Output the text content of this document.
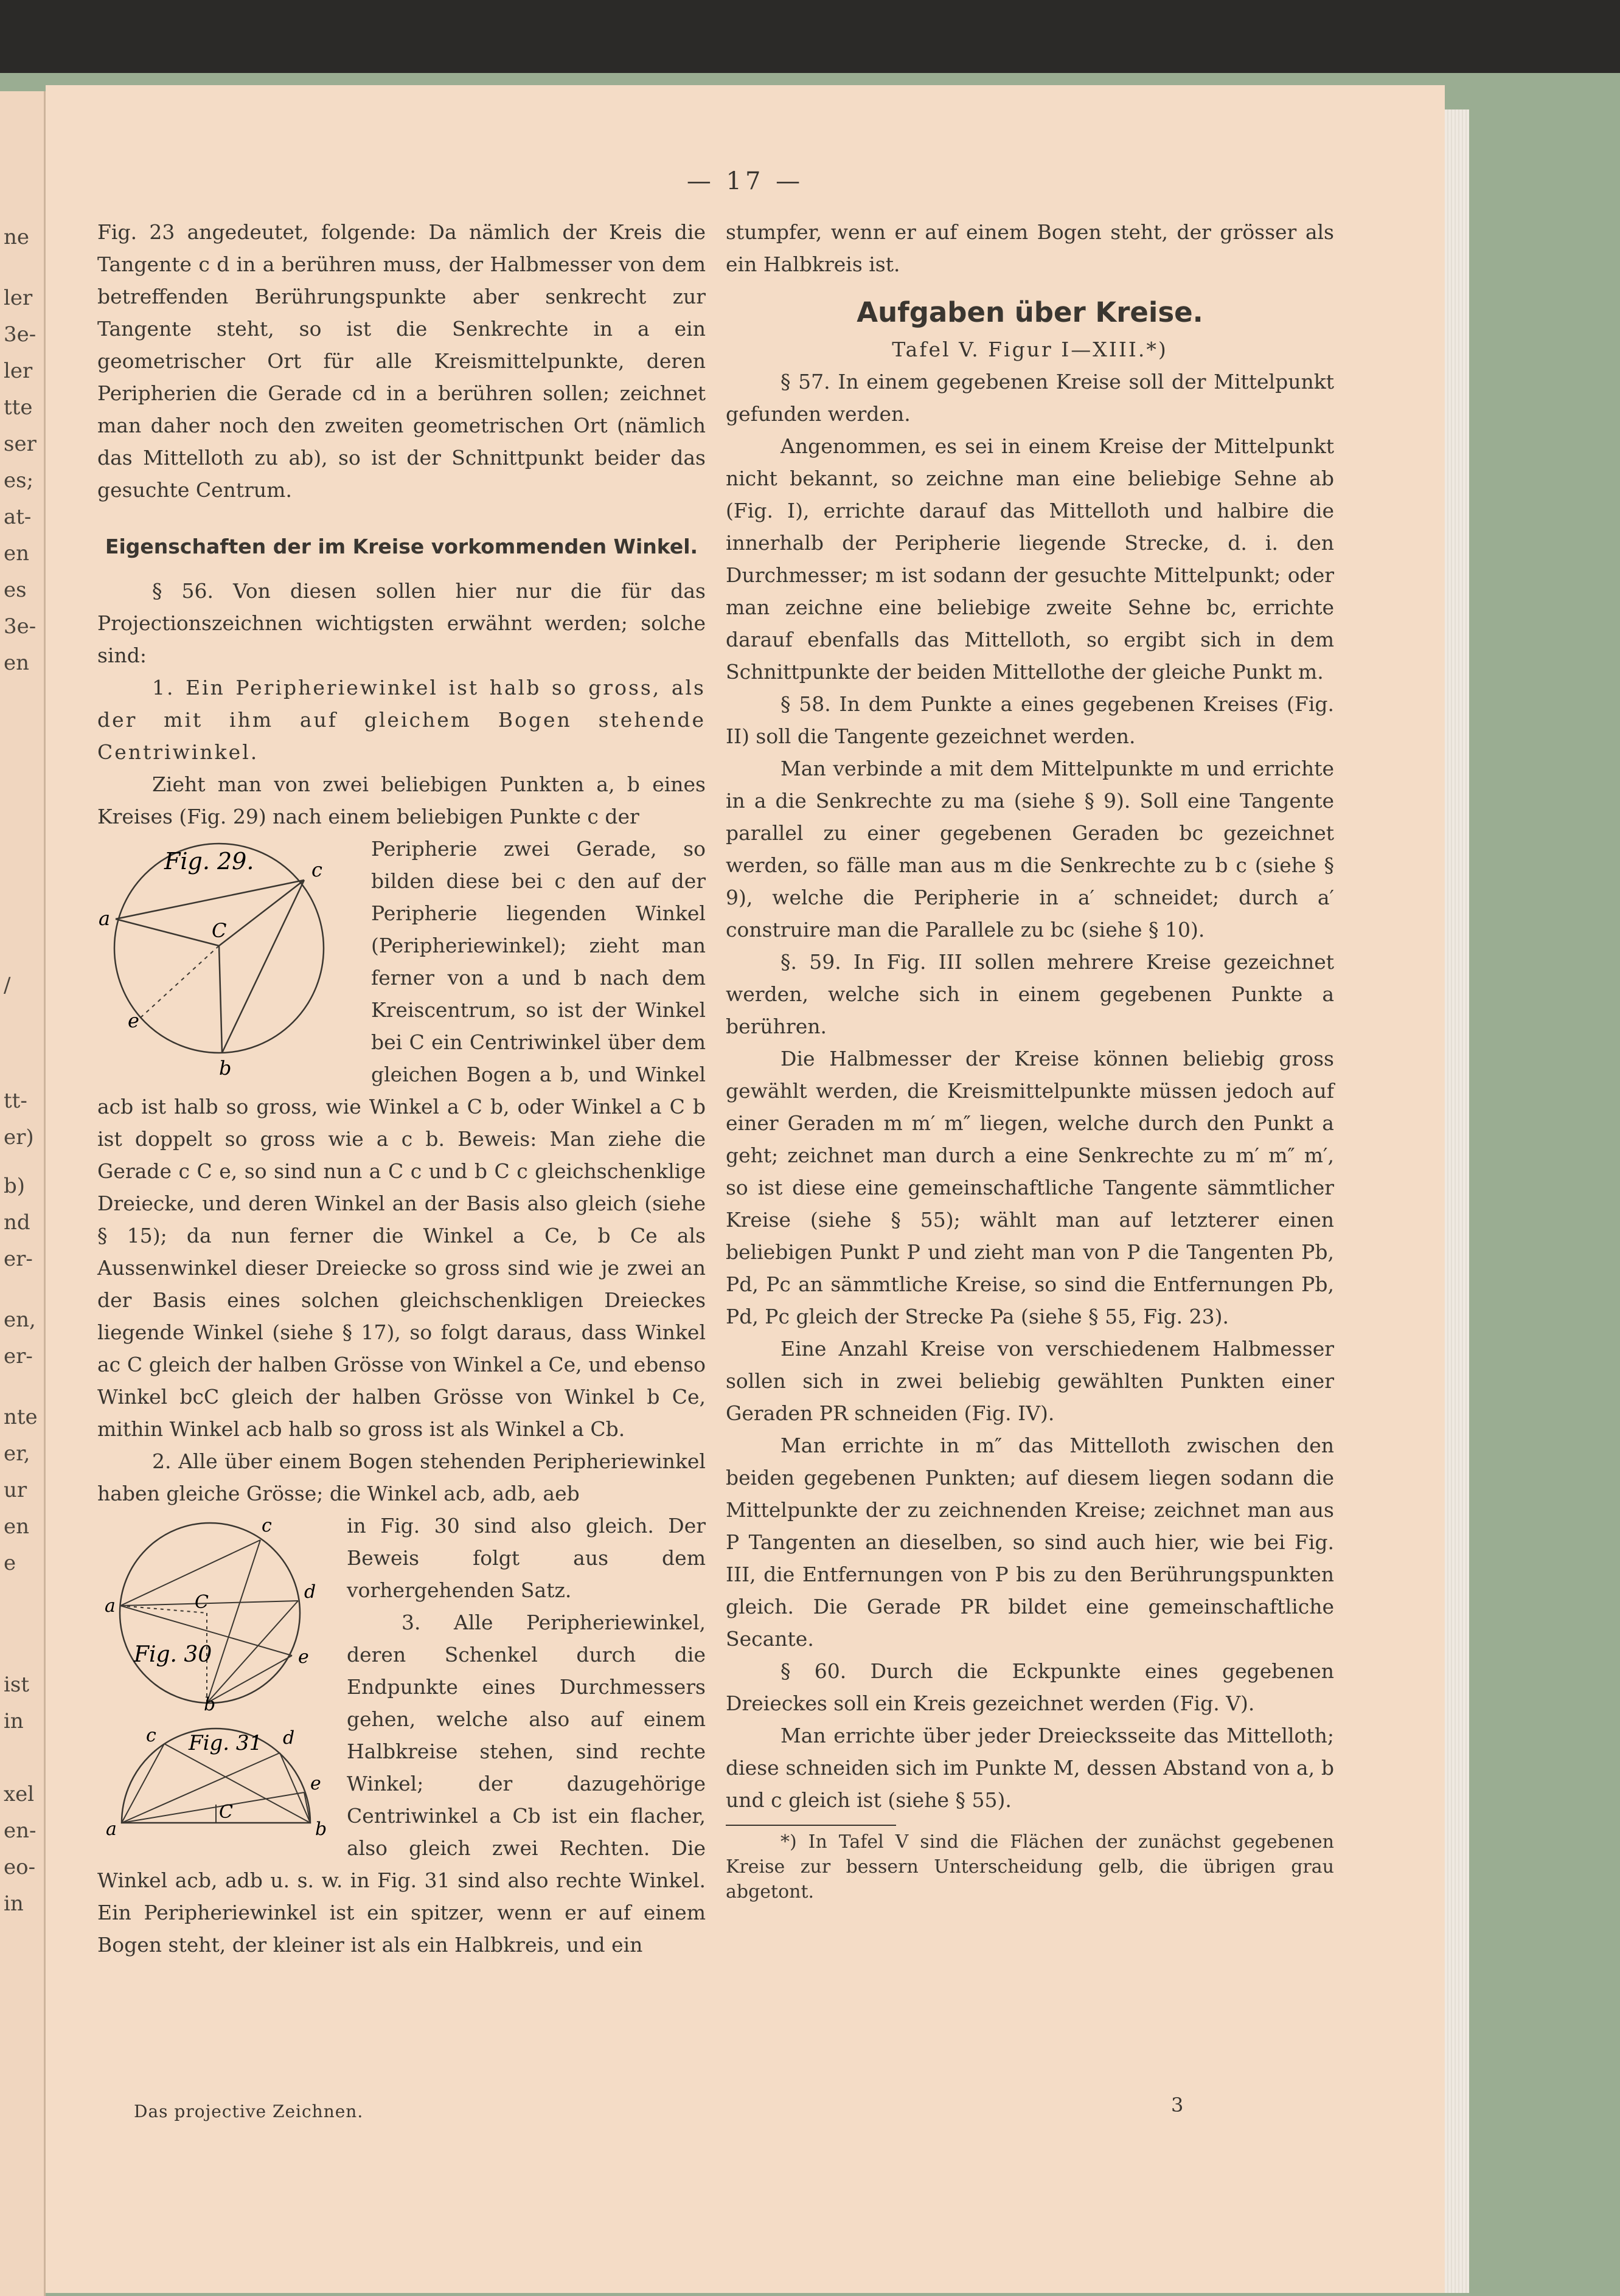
ne
ler
3e-
ler
tte
ser
es;
at-
en
es
3e-
en
/
tt-
er)
b)
nd
er-
en,
er-
nte
er,
ur
en
e
ist
in
xel
en-
eo-
in
— 17 —

Fig. 23 angedeutet, folgende: Da nämlich der Kreis die Tangente c d in a berühren muss, der Halbmesser von dem betreffenden Berührungspunkte aber senkrecht zur Tangente steht, so ist die Senkrechte in a ein geometrischer Ort für alle Kreismittelpunkte, deren Peripherien die Gerade cd in a berühren sollen; zeichnet man daher noch den zweiten geometrischen Ort (nämlich das Mittelloth zu ab), so ist der Schnittpunkt beider das gesuchte Centrum.

Eigenschaften der im Kreise vorkommenden Winkel.

§ 56. Von diesen sollen hier nur die für das Projectionszeichnen wichtigsten erwähnt werden; solche sind:

1. Ein Peripheriewinkel ist halb so gross, als der mit ihm auf gleichem Bogen stehende Centriwinkel.

Zieht man von zwei beliebigen Punkten a, b eines Kreises (Fig. 29) nach einem beliebigen Punkte c der

Fig. 29.
a
b
c
C
e

Peripherie zwei Gerade, so bilden diese bei c den auf der Peripherie liegenden Winkel (Peripheriewinkel); zieht man ferner von a und b nach dem Kreiscentrum, so ist der Winkel bei C ein Centriwinkel über dem gleichen Bogen a b, und Winkel acb ist halb so gross, wie Winkel a C b, oder Winkel a C b ist doppelt so gross wie a c b. Beweis: Man ziehe die Gerade c C e, so sind nun a C c und b C c gleichschenklige Dreiecke, und deren Winkel an der Basis also gleich (siehe § 15); da nun ferner die Winkel a Ce, b Ce als Aussenwinkel dieser Dreiecke so gross sind wie je zwei an der Basis eines solchen gleichschenkligen Dreieckes liegende Winkel (siehe § 17), so folgt daraus, dass Winkel ac C gleich der halben Grösse von Winkel a Ce, und ebenso Winkel bcC gleich der halben Grösse von Winkel b Ce, mithin Winkel acb halb so gross ist als Winkel a Cb.

2. Alle über einem Bogen stehenden Peripheriewinkel haben gleiche Grösse; die Winkel acb, adb, aeb

Fig. 30
a
b
c
d
e
C

Fig. 31
a	b
c	d
e
C

in Fig. 30 sind also gleich. Der Beweis folgt aus dem vorhergehenden Satz.

3. Alle Peripheriewinkel, deren Schenkel durch die Endpunkte eines Durchmessers gehen, welche also auf einem Halbkreise stehen, sind rechte Winkel; der dazugehörige Centriwinkel a Cb ist ein flacher, also gleich zwei Rechten. Die Winkel acb, adb u. s. w. in Fig. 31 sind also rechte Winkel. Ein Peripheriewinkel ist ein spitzer, wenn er auf einem Bogen steht, der kleiner ist als ein Halbkreis, und ein

stumpfer, wenn er auf einem Bogen steht, der grösser als ein Halbkreis ist.

Aufgaben über Kreise.
Tafel V. Figur I—XIII.*)

§ 57. In einem gegebenen Kreise soll der Mittelpunkt gefunden werden.

Angenommen, es sei in einem Kreise der Mittelpunkt nicht bekannt, so zeichne man eine beliebige Sehne ab (Fig. I), errichte darauf das Mittelloth und halbire die innerhalb der Peripherie liegende Strecke, d. i. den Durchmesser; m ist sodann der gesuchte Mittelpunkt; oder man zeichne eine beliebige zweite Sehne bc, errichte darauf ebenfalls das Mittelloth, so ergibt sich in dem Schnittpunkte der beiden Mittellothe der gleiche Punkt m.

§ 58. In dem Punkte a eines gegebenen Kreises (Fig. II) soll die Tangente gezeichnet werden.

Man verbinde a mit dem Mittelpunkte m und errichte in a die Senkrechte zu ma (siehe § 9). Soll eine Tangente parallel zu einer gegebenen Geraden bc gezeichnet werden, so fälle man aus m die Senkrechte zu b c (siehe § 9), welche die Peripherie in a′ schneidet; durch a′ construire man die Parallele zu bc (siehe § 10).

§. 59. In Fig. III sollen mehrere Kreise gezeichnet werden, welche sich in einem gegebenen Punkte a berühren.

Die Halbmesser der Kreise können beliebig gross gewählt werden, die Kreismittelpunkte müssen jedoch auf einer Geraden m m′ m″ liegen, welche durch den Punkt a geht; zeichnet man durch a eine Senkrechte zu m′ m″ m′, so ist diese eine gemeinschaftliche Tangente sämmtlicher Kreise (siehe § 55); wählt man auf letzterer einen beliebigen Punkt P und zieht man von P die Tangenten Pb, Pd, Pc an sämmtliche Kreise, so sind die Entfernungen Pb, Pd, Pc gleich der Strecke Pa (siehe § 55, Fig. 23).

Eine Anzahl Kreise von verschiedenem Halbmesser sollen sich in zwei beliebig gewählten Punkten einer Geraden PR schneiden (Fig. IV).

Man errichte in m″ das Mittelloth zwischen den beiden gegebenen Punkten; auf diesem liegen sodann die Mittelpunkte der zu zeichnenden Kreise; zeichnet man aus P Tangenten an dieselben, so sind auch hier, wie bei Fig. III, die Entfernungen von P bis zu den Berührungspunkten gleich. Die Gerade PR bildet eine gemeinschaftliche Secante.

§ 60. Durch die Eckpunkte eines gegebenen Dreieckes soll ein Kreis gezeichnet werden (Fig. V).

Man errichte über jeder Dreiecksseite das Mittelloth; diese schneiden sich im Punkte M, dessen Abstand von a, b und c gleich ist (siehe § 55).

*) In Tafel V sind die Flächen der zunächst gegebenen Kreise zur bessern Unterscheidung gelb, die übrigen grau abgetont.

Das projective Zeichnen.	3
